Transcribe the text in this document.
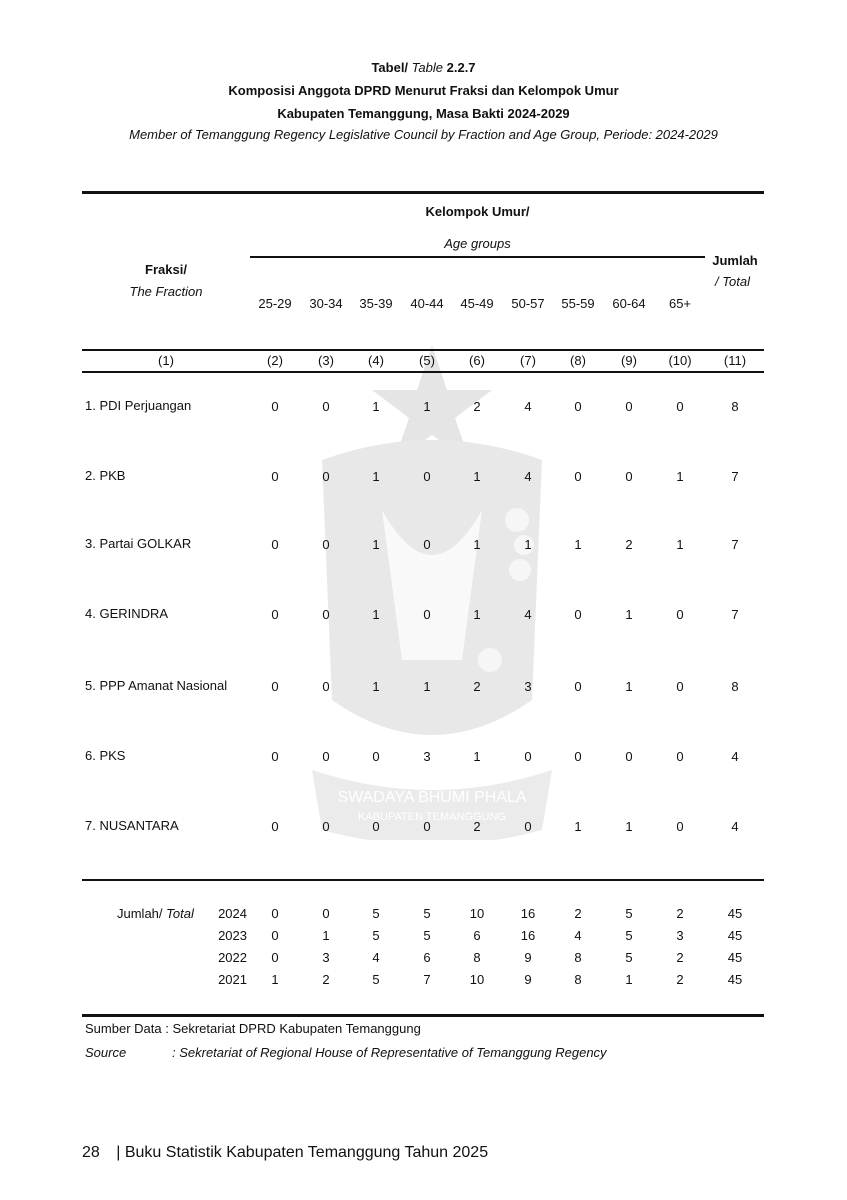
Tabel/ Table 2.2.7
Komposisi Anggota DPRD Menurut Fraksi dan Kelompok Umur
Kabupaten Temanggung, Masa Bakti 2024-2029
Member of Temanggung Regency Legislative Council by Fraction and Age Group, Periode: 2024-2029
SWADAYA BHUMI PHALA
KABUPATEN TEMANGGUNG
Fraksi/
The Fraction
Kelompok Umur/
Age groups
Jumlah
/ Total
25-29	30-34	35-39	40-44	45-49	50-57	55-59	60-64	65+
(1)	(2)	(3)	(4)	(5)	(6)	(7)	(8)	(9)	(10)	(11)
1. PDI Perjuangan	0	0	1	1	2	4	0	0	0	8
2. PKB	0	0	1	0	1	4	0	0	1	7
3. Partai GOLKAR	0	0	1	0	1	1	1	2	1	7
4. GERINDRA	0	0	1	0	1	4	0	1	0	7
5. PPP Amanat Nasional	0	0	1	1	2	3	0	1	0	8
6. PKS	0	0	0	3	1	0	0	0	0	4
7. NUSANTARA	0	0	0	0	2	0	1	1	0	4
2024	0	0	5	5	10	16	2	5	2	45
2023	0	1	5	5	6	16	4	5	3	45
2022	0	3	4	6	8	9	8	5	2	45
2021	1	2	5	7	10	9	8	1	2	45
Jumlah/ Total
Sumber Data : Sekretariat DPRD Kabupaten Temanggung
Source	: Sekretariat of Regional House of Representative of Temanggung Regency
28 | Buku Statistik Kabupaten Temanggung Tahun 2025
